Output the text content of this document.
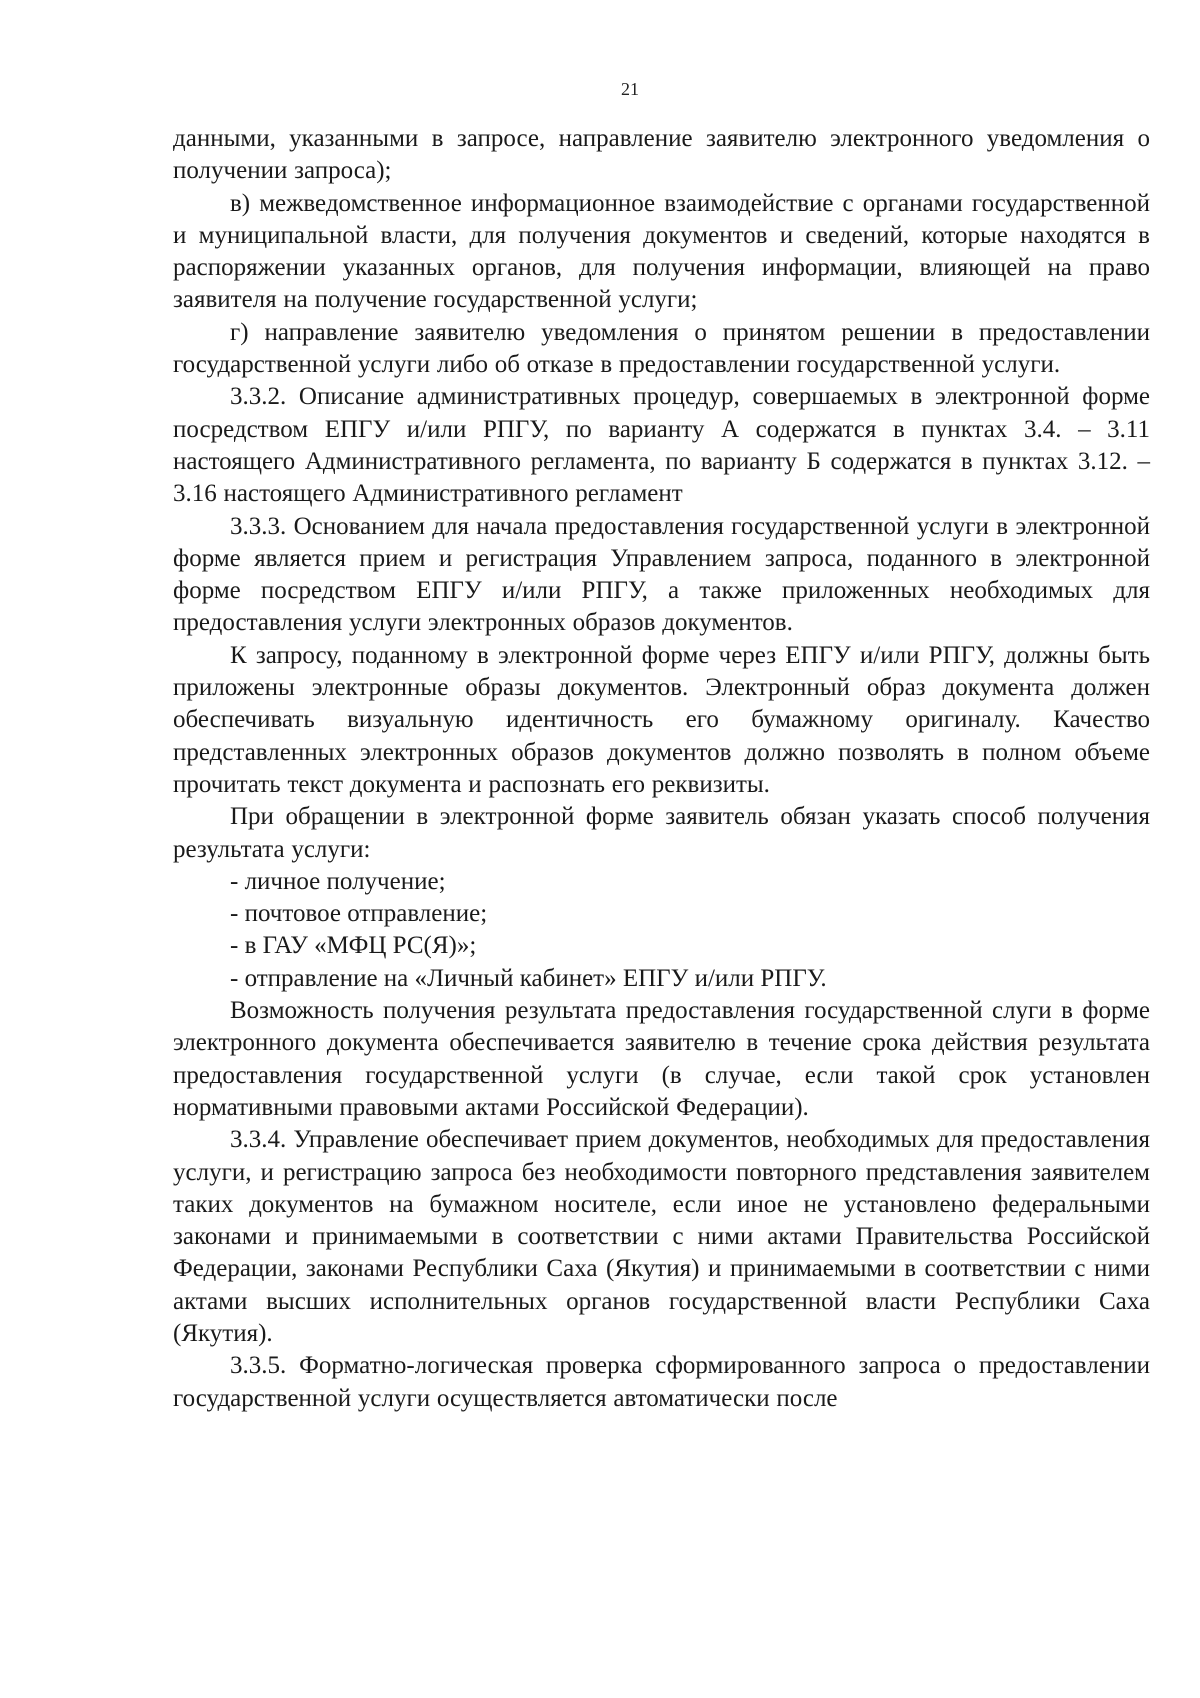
21

данными, указанными в запросе, направление заявителю электронного уведомления о получении запроса);

в) межведомственное информационное взаимодействие с органами государственной и муниципальной власти, для получения документов и сведений, которые находятся в распоряжении указанных органов, для получения информации, влияющей на право заявителя на получение государственной услуги;

г) направление заявителю уведомления о принятом решении в предоставлении государственной услуги либо об отказе в предоставлении государственной услуги.

3.3.2. Описание административных процедур, совершаемых в электронной форме посредством ЕПГУ и/или РПГУ, по варианту А содержатся в пунктах 3.4. – 3.11 настоящего Административного регламента, по варианту Б содержатся в пунктах 3.12. – 3.16 настоящего Административного регламент

3.3.3. Основанием для начала предоставления государственной услуги в электронной форме является прием и регистрация Управлением запроса, поданного в электронной форме посредством ЕПГУ и/или РПГУ, а также приложенных необходимых для предоставления услуги электронных образов документов.

К запросу, поданному в электронной форме через ЕПГУ и/или РПГУ, должны быть приложены электронные образы документов. Электронный образ документа должен обеспечивать визуальную идентичность его бумажному оригиналу. Качество представленных электронных образов документов должно позволять в полном объеме прочитать текст документа и распознать его реквизиты.

При обращении в электронной форме заявитель обязан указать способ получения результата услуги:

- личное получение;

- почтовое отправление;

- в ГАУ «МФЦ РС(Я)»;

- отправление на «Личный кабинет» ЕПГУ и/или РПГУ.

Возможность получения результата предоставления государственной слуги в форме электронного документа обеспечивается заявителю в течение срока действия результата предоставления государственной услуги (в случае, если такой срок установлен нормативными правовыми актами Российской Федерации).

3.3.4. Управление обеспечивает прием документов, необходимых для предоставления услуги, и регистрацию запроса без необходимости повторного представления заявителем таких документов на бумажном носителе, если иное не установлено федеральными законами и принимаемыми в соответствии с ними актами Правительства Российской Федерации, законами Республики Саха (Якутия) и принимаемыми в соответствии с ними актами высших исполнительных органов государственной власти Республики Саха (Якутия).

3.3.5. Форматно-логическая проверка сформированного запроса о предоставлении государственной услуги осуществляется автоматически после
